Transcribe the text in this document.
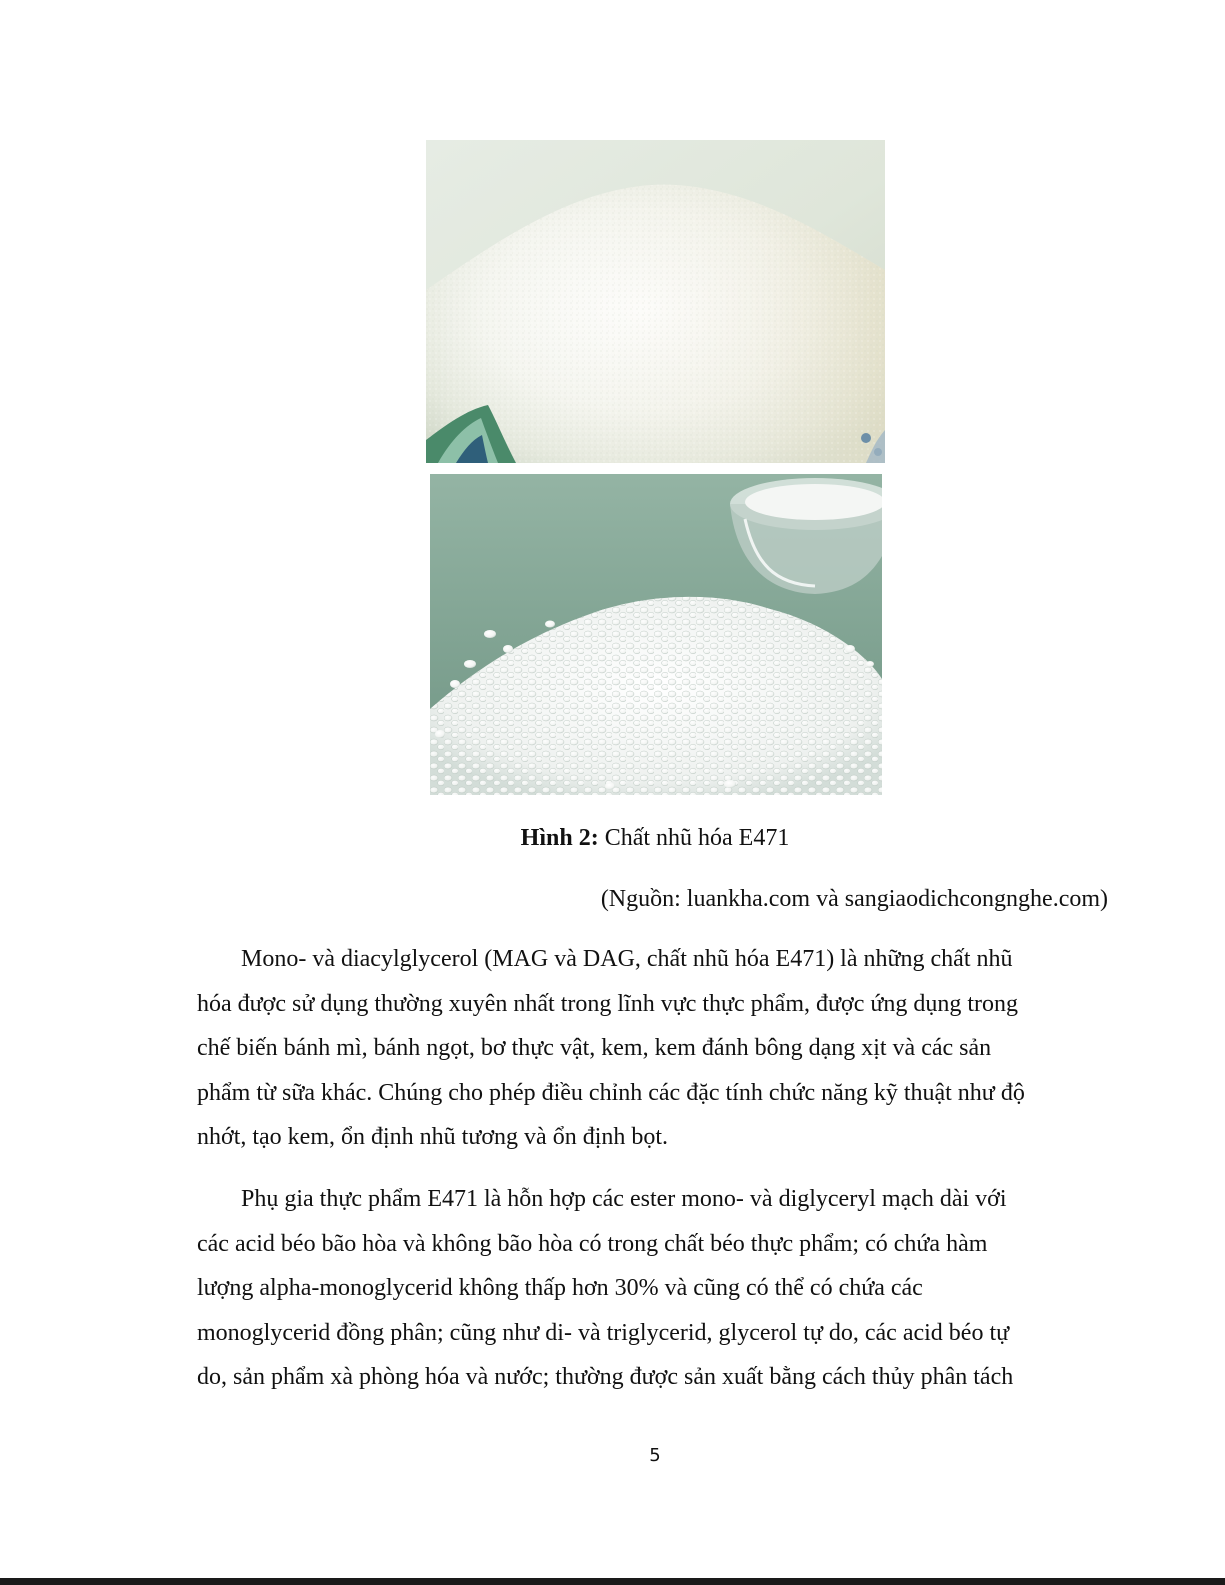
Hình 2: Chất nhũ hóa E471
(Nguồn: luankha.com và sangiaodichcongnghe.com)

Mono- và diacylglycerol (MAG và DAG, chất nhũ hóa E471) là những chất nhũ
hóa được sử dụng thường xuyên nhất trong lĩnh vực thực phẩm, được ứng dụng trong
chế biến bánh mì, bánh ngọt, bơ thực vật, kem, kem đánh bông dạng xịt và các sản
phẩm từ sữa khác. Chúng cho phép điều chỉnh các đặc tính chức năng kỹ thuật như độ
nhớt, tạo kem, ổn định nhũ tương và ổn định bọt.

Phụ gia thực phẩm E471 là hỗn hợp các ester mono- và diglyceryl mạch dài với
các acid béo bão hòa và không bão hòa có trong chất béo thực phẩm; có chứa hàm
lượng alpha-monoglycerid không thấp hơn 30% và cũng có thể có chứa các
monoglycerid đồng phân; cũng như di- và triglycerid, glycerol tự do, các acid béo tự
do, sản phẩm xà phòng hóa và nước; thường được sản xuất bằng cách thủy phân tách

5
